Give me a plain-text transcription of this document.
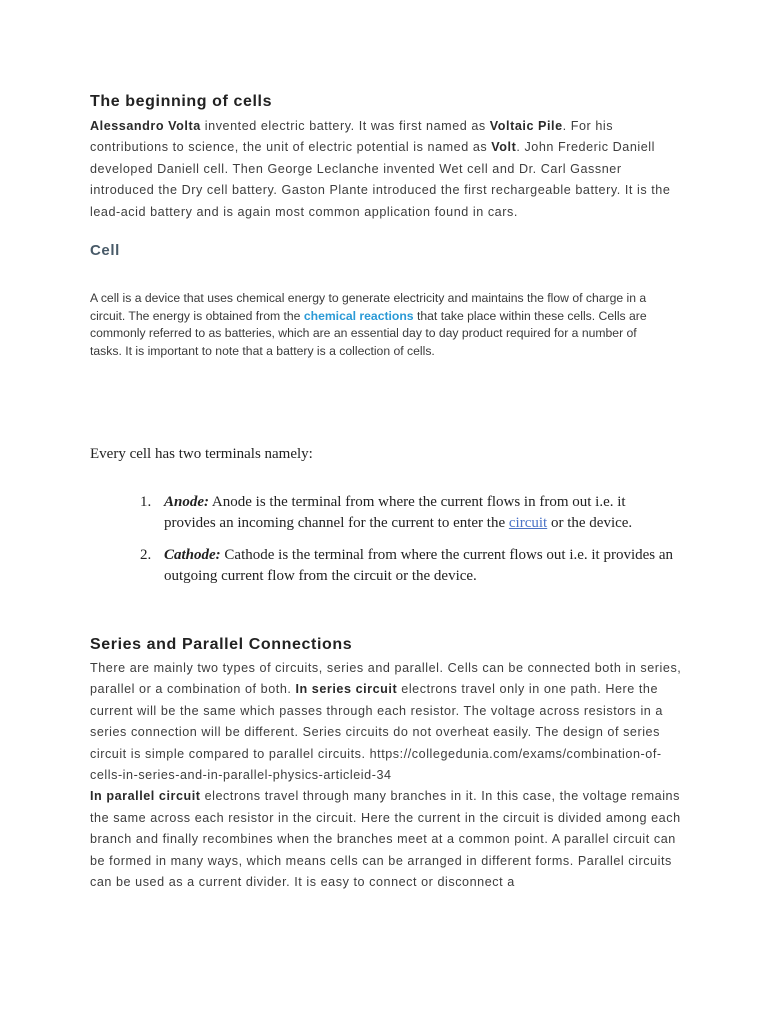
The beginning of cells

Alessandro Volta invented electric battery. It was first named as Voltaic Pile. For his contributions to science, the unit of electric potential is named as Volt. John Frederic Daniell developed Daniell cell. Then George Leclanche invented Wet cell and Dr. Carl Gassner introduced the Dry cell battery. Gaston Plante introduced the first rechargeable battery. It is the lead-acid battery and is again most common application found in cars.

Cell

A cell is a device that uses chemical energy to generate electricity and maintains the flow of charge in a circuit. The energy is obtained from the chemical reactions that take place within these cells. Cells are commonly referred to as batteries, which are an essential day to day product required for a number of tasks. It is important to note that a battery is a collection of cells.

Every cell has two terminals namely:

1. Anode: Anode is the terminal from where the current flows in from out i.e. it provides an incoming channel for the current to enter the circuit or the device.
2. Cathode: Cathode is the terminal from where the current flows out i.e. it provides an outgoing current flow from the circuit or the device.
Series and Parallel Connections

There are mainly two types of circuits, series and parallel. Cells can be connected both in series, parallel or a combination of both. In series circuit electrons travel only in one path. Here the current will be the same which passes through each resistor. The voltage across resistors in a series connection will be different. Series circuits do not overheat easily. The design of series circuit is simple compared to parallel circuits. https://collegedunia.com/exams/combination-of-cells-in-series-and-in-parallel-physics-articleid-34
In parallel circuit electrons travel through many branches in it. In this case, the voltage remains the same across each resistor in the circuit. Here the current in the circuit is divided among each branch and finally recombines when the branches meet at a common point. A parallel circuit can be formed in many ways, which means cells can be arranged in different forms. Parallel circuits can be used as a current divider. It is easy to connect or disconnect a
